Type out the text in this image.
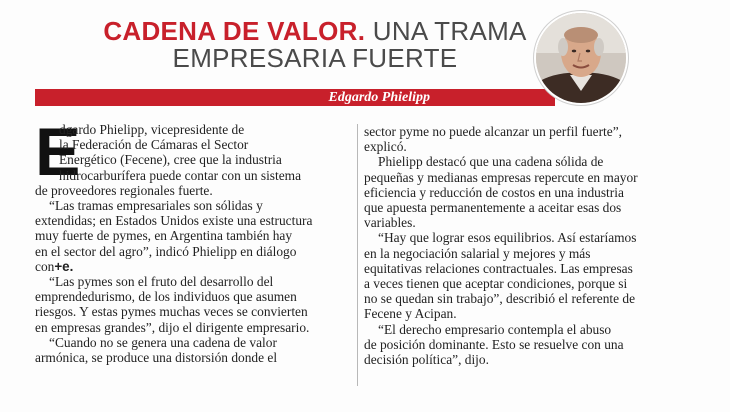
CADENA DE VALOR. UNA TRAMA
EMPRESARIA FUERTE
Edgardo Phielipp
E
dgardo Phielipp, vicepresidente de
la Federación de Cámaras el Sector
Energético (Fecene), cree que la industria
hidrocarburífera puede contar con un sistema
de proveedores regionales fuerte.
“Las tramas empresariales son sólidas y
extendidas; en Estados Unidos existe una estructura
muy fuerte de pymes, en Argentina también hay
en el sector del agro”, indicó Phielipp en diálogo
con+e.
“Las pymes son el fruto del desarrollo del
emprendedurismo, de los individuos que asumen
riesgos. Y estas pymes muchas veces se convierten
en empresas grandes”, dijo el dirigente empresario.
“Cuando no se genera una cadena de valor
armónica, se produce una distorsión donde el
sector pyme no puede alcanzar un perfil fuerte”,
explicó.
Phielipp destacó que una cadena sólida de
pequeñas y medianas empresas repercute en mayor
eficiencia y reducción de costos en una industria
que apuesta permanentemente a aceitar esas dos
variables.
“Hay que lograr esos equilibrios. Así estaríamos
en la negociación salarial y mejores y más
equitativas relaciones contractuales. Las empresas
a veces tienen que aceptar condiciones, porque si
no se quedan sin trabajo”, describió el referente de
Fecene y Acipan.
“El derecho empresario contempla el abuso
de posición dominante. Esto se resuelve con una
decisión política”, dijo.
